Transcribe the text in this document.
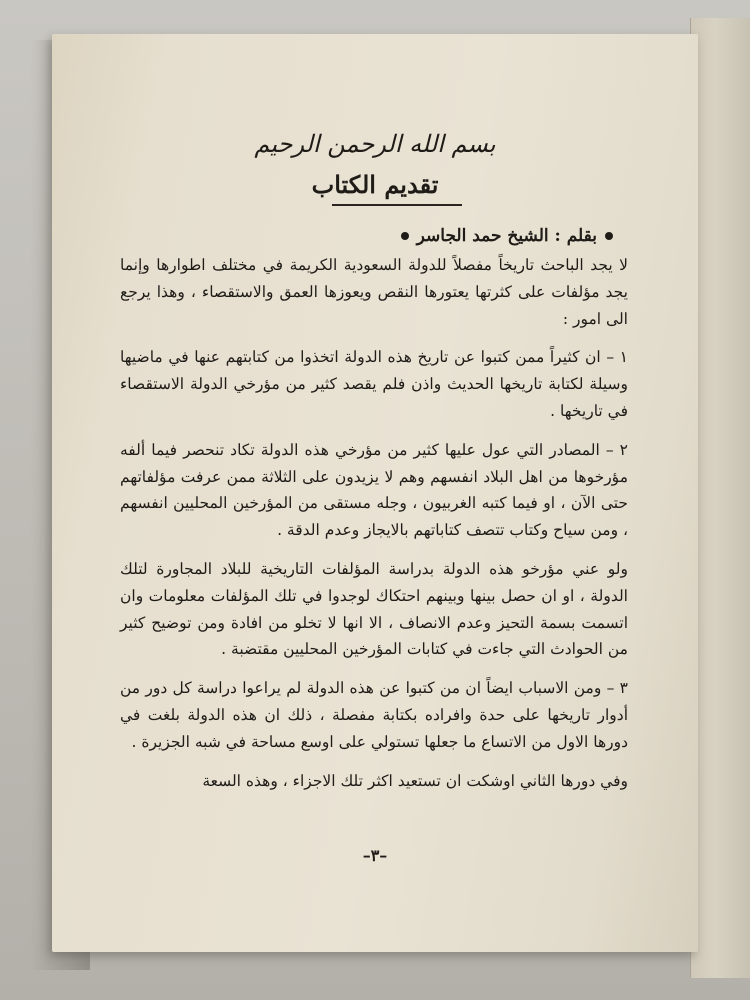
بسم الله الرحمن الرحيم
تقديم الكتاب
بقلم : الشيخ حمد الجاسر

لا يجد الباحث تاريخاً مفصلاً للدولة السعودية الكريمة في مختلف اطوارها وإنما يجد مؤلفات على كثرتها يعتورها النقص ويعوزها العمق والاستقصاء ، وهذا يرجع الى امور :

١ – ان كثيراً ممن كتبوا عن تاريخ هذه الدولة اتخذوا من كتابتهم عنها في ماضيها وسيلة لكتابة تاريخها الحديث واذن فلم يقصد كثير من مؤرخي الدولة الاستقصاء في تاريخها .

٢ – المصادر التي عول عليها كثير من مؤرخي هذه الدولة تكاد تنحصر فيما ألفه مؤرخوها من اهل البلاد انفسهم وهم لا يزيدون على الثلاثة ممن عرفت مؤلفاتهم حتى الآن ، او فيما كتبه الغربيون ، وجله مستقى من المؤرخين المحليين انفسهم ، ومن سياح وكتاب تتصف كتاباتهم بالايجاز وعدم الدقة .

ولو عني مؤرخو هذه الدولة بدراسة المؤلفات التاريخية للبلاد المجاورة لتلك الدولة ، او ان حصل بينها وبينهم احتكاك لوجدوا في تلك المؤلفات معلومات وان اتسمت بسمة التحيز وعدم الانصاف ، الا انها لا تخلو من افادة ومن توضيح كثير من الحوادث التي جاءت في كتابات المؤرخين المحليين مقتضبة .

٣ – ومن الاسباب ايضاً ان من كتبوا عن هذه الدولة لم يراعوا دراسة كل دور من أدوار تاريخها على حدة وافراده بكتابة مفصلة ، ذلك ان هذه الدولة بلغت في دورها الاول من الاتساع ما جعلها تستولي على اوسع مساحة في شبه الجزيرة .

وفي دورها الثاني اوشكت ان تستعيد اكثر تلك الاجزاء ، وهذه السعة

–٣–
